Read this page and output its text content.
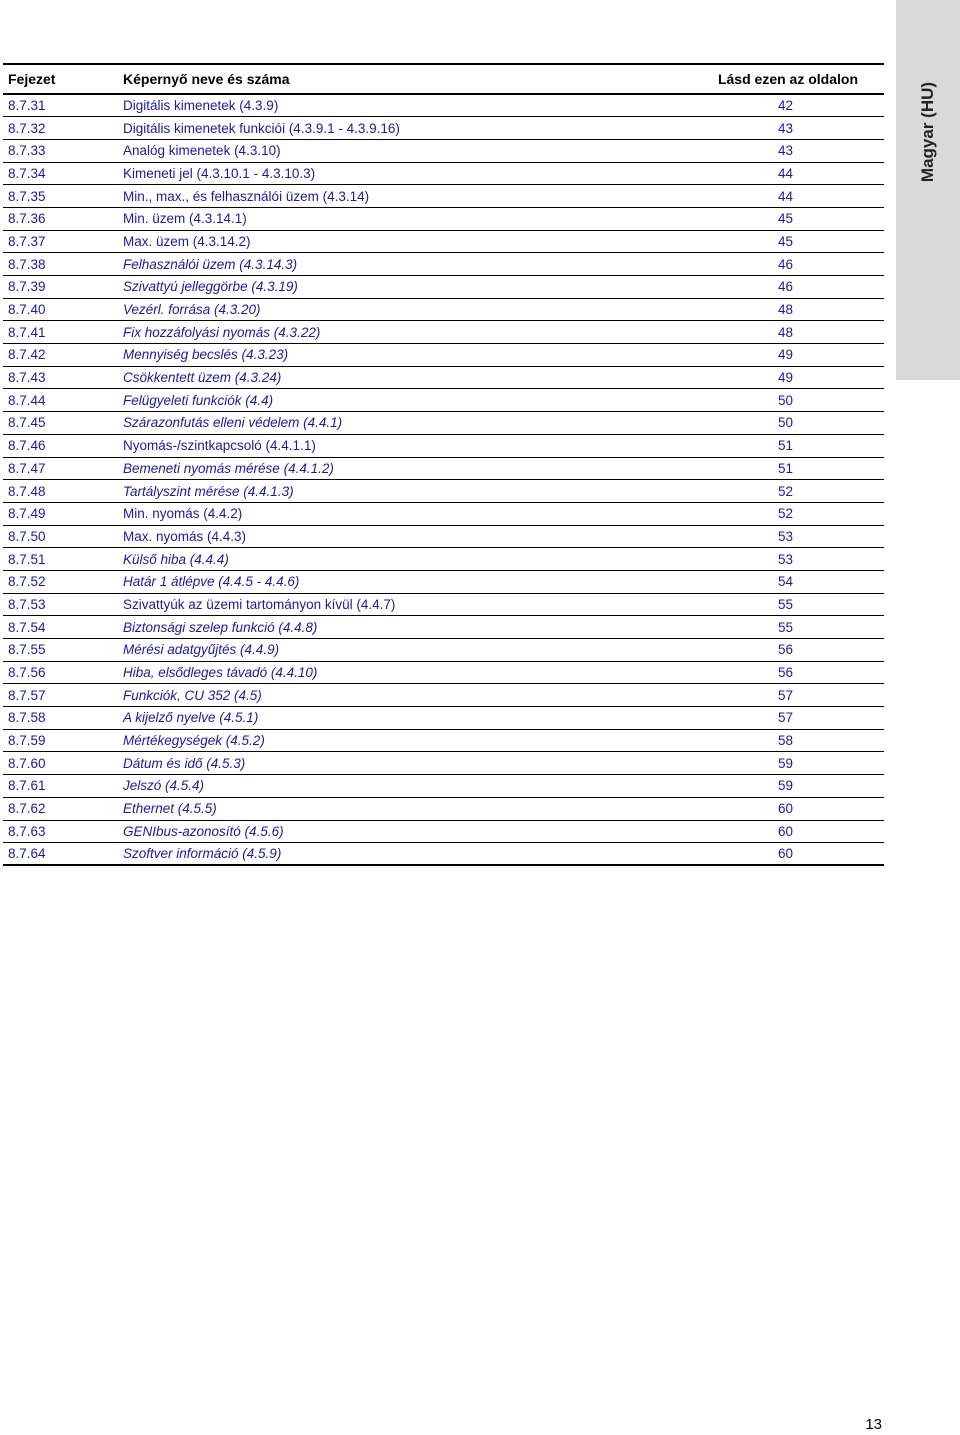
Magyar (HU)
Fejezet	Képernyő neve és száma	Lásd ezen az oldalon
8.7.31	Digitális kimenetek (4.3.9)	42
8.7.32	Digitális kimenetek funkciói (4.3.9.1 - 4.3.9.16)	43
8.7.33	Analóg kimenetek (4.3.10)	43
8.7.34	Kimeneti jel (4.3.10.1 - 4.3.10.3)	44
8.7.35	Min., max., és felhasználói üzem (4.3.14)	44
8.7.36	Min. üzem (4.3.14.1)	45
8.7.37	Max. üzem (4.3.14.2)	45
8.7.38	Felhasználói üzem (4.3.14.3)	46
8.7.39	Szivattyú jelleggörbe (4.3.19)	46
8.7.40	Vezérl. forrása (4.3.20)	48
8.7.41	Fix hozzáfolyási nyomás (4.3.22)	48
8.7.42	Mennyiség becslés (4.3.23)	49
8.7.43	Csökkentett üzem (4.3.24)	49
8.7.44	Felügyeleti funkciók (4.4)	50
8.7.45	Szárazonfutás elleni védelem (4.4.1)	50
8.7.46	Nyomás-/szintkapcsoló (4.4.1.1)	51
8.7.47	Bemeneti nyomás mérése (4.4.1.2)	51
8.7.48	Tartályszint mérése (4.4.1.3)	52
8.7.49	Min. nyomás (4.4.2)	52
8.7.50	Max. nyomás (4.4.3)	53
8.7.51	Külső hiba (4.4.4)	53
8.7.52	Határ 1 átlépve (4.4.5 - 4.4.6)	54
8.7.53	Szivattyúk az üzemi tartományon kívül (4.4.7)	55
8.7.54	Biztonsági szelep funkció (4.4.8)	55
8.7.55	Mérési adatgyűjtés (4.4.9)	56
8.7.56	Hiba, elsődleges távadó (4.4.10)	56
8.7.57	Funkciók, CU 352 (4.5)	57
8.7.58	A kijelző nyelve (4.5.1)	57
8.7.59	Mértékegységek (4.5.2)	58
8.7.60	Dátum és idő (4.5.3)	59
8.7.61	Jelszó (4.5.4)	59
8.7.62	Ethernet (4.5.5)	60
8.7.63	GENIbus-azonosító (4.5.6)	60
8.7.64	Szoftver információ (4.5.9)	60
13
